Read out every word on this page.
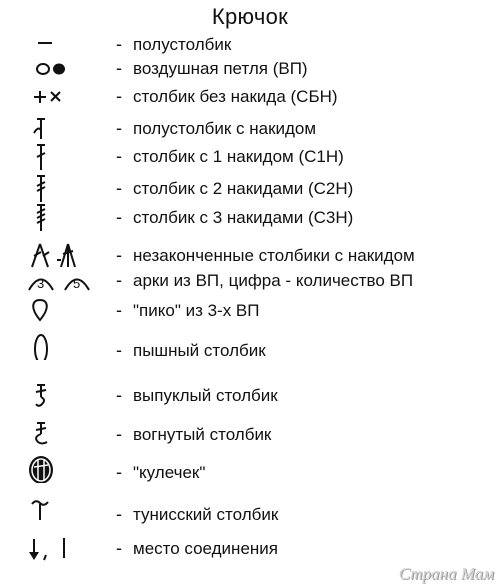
Крючок
- полустолбик
- воздушная петля (ВП)
- столбик без накида (СБН)
- полустолбик с накидом
- столбик с 1 накидом (С1Н)
- столбик с 2 накидами (С2Н)
- столбик с 3 накидами (С3Н)
- незаконченные столбики с накидом
3 5 - арки из ВП, цифра - количество ВП
- "пико" из 3-х ВП
- пышный столбик
- выпуклый столбик
- вогнутый столбик
- "кулечек"
- тунисский столбик
- место соединения
Страна Мам
